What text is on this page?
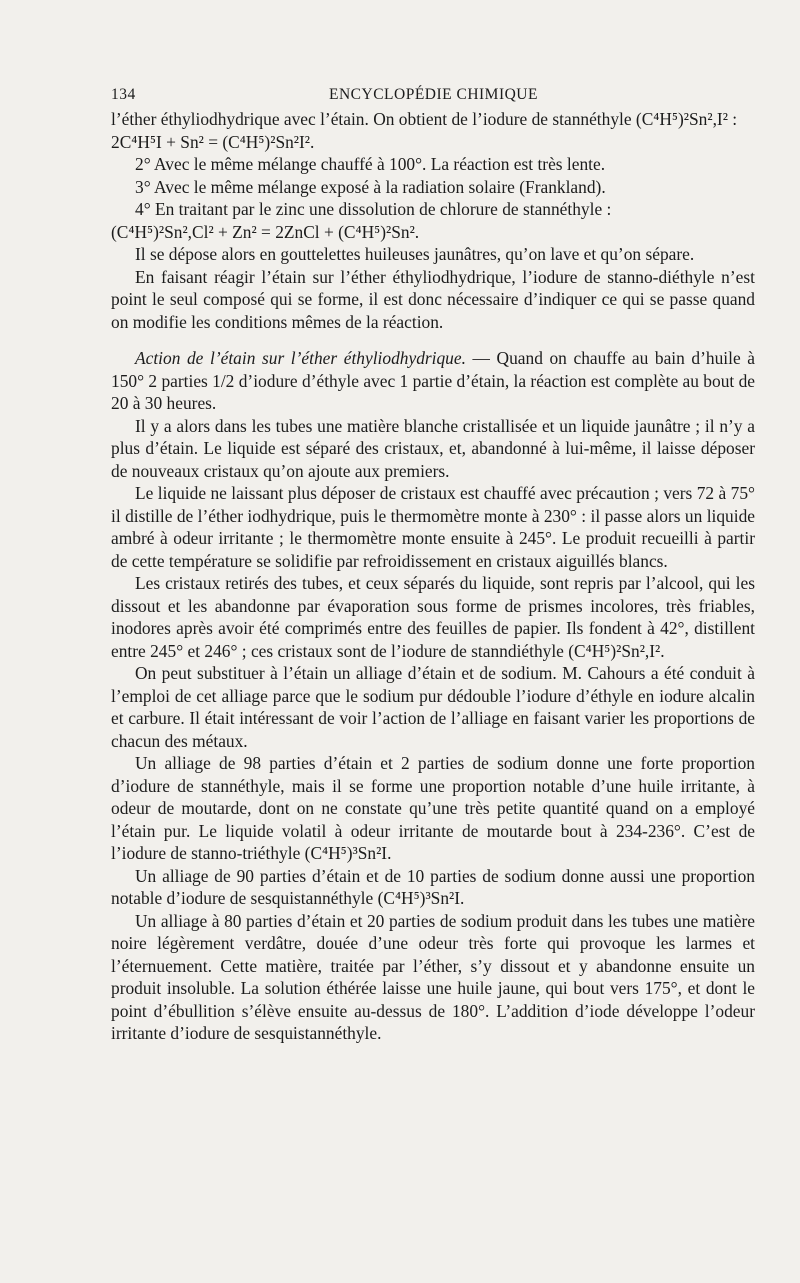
134	ENCYCLOPÉDIE CHIMIQUE

l’éther éthyliodhydrique avec l’étain. On obtient de l’iodure de stannéthyle (C⁴H⁵)²Sn²,I² :

2C⁴H⁵I + Sn² = (C⁴H⁵)²Sn²I².

2° Avec le même mélange chauffé à 100°. La réaction est très lente.

3° Avec le même mélange exposé à la radiation solaire (Frankland).

4° En traitant par le zinc une dissolution de chlorure de stannéthyle :

(C⁴H⁵)²Sn²,Cl² + Zn² = 2ZnCl + (C⁴H⁵)²Sn².

Il se dépose alors en gouttelettes huileuses jaunâtres, qu’on lave et qu’on sépare.

En faisant réagir l’étain sur l’éther éthyliodhydrique, l’iodure de stanno-diéthyle n’est point le seul composé qui se forme, il est donc nécessaire d’indiquer ce qui se passe quand on modifie les conditions mêmes de la réaction.

Action de l’étain sur l’éther éthyliodhydrique. — Quand on chauffe au bain d’huile à 150° 2 parties 1/2 d’iodure d’éthyle avec 1 partie d’étain, la réaction est complète au bout de 20 à 30 heures.

Il y a alors dans les tubes une matière blanche cristallisée et un liquide jaunâtre ; il n’y a plus d’étain. Le liquide est séparé des cristaux, et, abandonné à lui-même, il laisse déposer de nouveaux cristaux qu’on ajoute aux premiers.

Le liquide ne laissant plus déposer de cristaux est chauffé avec précaution ; vers 72 à 75° il distille de l’éther iodhydrique, puis le thermomètre monte à 230° : il passe alors un liquide ambré à odeur irritante ; le thermomètre monte ensuite à 245°. Le produit recueilli à partir de cette température se solidifie par refroidissement en cristaux aiguillés blancs.

Les cristaux retirés des tubes, et ceux séparés du liquide, sont repris par l’alcool, qui les dissout et les abandonne par évaporation sous forme de prismes incolores, très friables, inodores après avoir été comprimés entre des feuilles de papier. Ils fondent à 42°, distillent entre 245° et 246° ; ces cristaux sont de l’iodure de stanndiéthyle (C⁴H⁵)²Sn²,I².

On peut substituer à l’étain un alliage d’étain et de sodium. M. Cahours a été conduit à l’emploi de cet alliage parce que le sodium pur dédouble l’iodure d’éthyle en iodure alcalin et carbure. Il était intéressant de voir l’action de l’alliage en faisant varier les proportions de chacun des métaux.

Un alliage de 98 parties d’étain et 2 parties de sodium donne une forte proportion d’iodure de stannéthyle, mais il se forme une proportion notable d’une huile irritante, à odeur de moutarde, dont on ne constate qu’une très petite quantité quand on a employé l’étain pur. Le liquide volatil à odeur irritante de moutarde bout à 234-236°. C’est de l’iodure de stanno-triéthyle (C⁴H⁵)³Sn²I.

Un alliage de 90 parties d’étain et de 10 parties de sodium donne aussi une proportion notable d’iodure de sesquistannéthyle (C⁴H⁵)³Sn²I.

Un alliage à 80 parties d’étain et 20 parties de sodium produit dans les tubes une matière noire légèrement verdâtre, douée d’une odeur très forte qui provoque les larmes et l’éternuement. Cette matière, traitée par l’éther, s’y dissout et y abandonne ensuite un produit insoluble. La solution éthérée laisse une huile jaune, qui bout vers 175°, et dont le point d’ébullition s’élève ensuite au-dessus de 180°. L’addition d’iode développe l’odeur irritante d’iodure de sesquistannéthyle.
